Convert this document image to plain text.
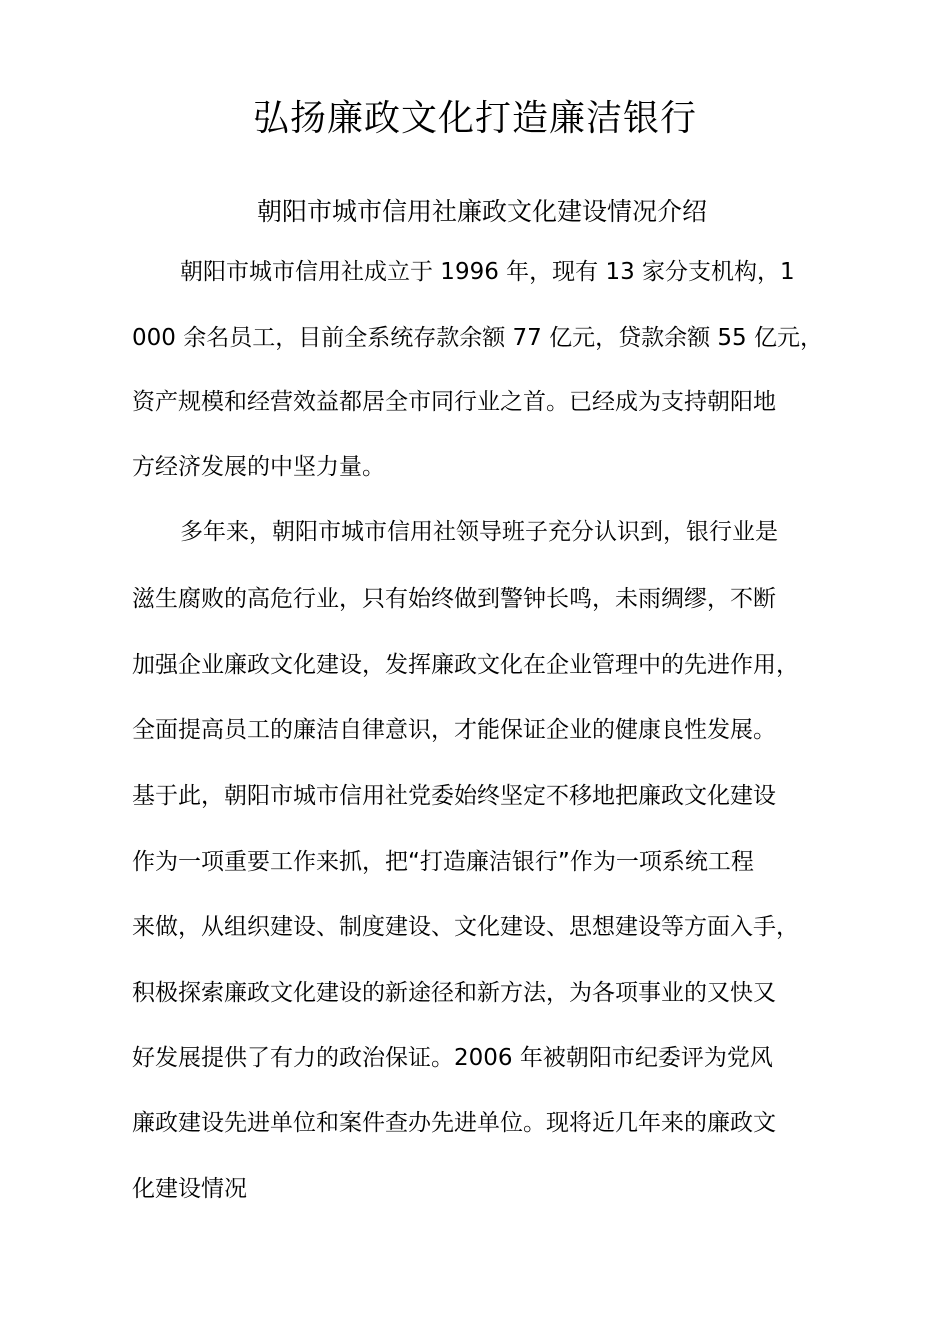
弘扬廉政文化打造廉洁银行
朝阳市城市信用社廉政文化建设情况介绍

朝阳市城市信用社成立于 1996 年，现有 13 家分支机构，1

000 余名员工，目前全系统存款余额 77 亿元，贷款余额 55 亿元，

资产规模和经营效益都居全市同行业之首。已经成为支持朝阳地

方经济发展的中坚力量。

多年来，朝阳市城市信用社领导班子充分认识到，银行业是

滋生腐败的高危行业，只有始终做到警钟长鸣，未雨绸缪，不断

加强企业廉政文化建设，发挥廉政文化在企业管理中的先进作用，

全面提高员工的廉洁自律意识，才能保证企业的健康良性发展。

基于此，朝阳市城市信用社党委始终坚定不移地把廉政文化建设

作为一项重要工作来抓，把“打造廉洁银行”作为一项系统工程

来做，从组织建设、制度建设、文化建设、思想建设等方面入手，

积极探索廉政文化建设的新途径和新方法，为各项事业的又快又

好发展提供了有力的政治保证。2006 年被朝阳市纪委评为党风

廉政建设先进单位和案件查办先进单位。现将近几年来的廉政文

化建设情况
